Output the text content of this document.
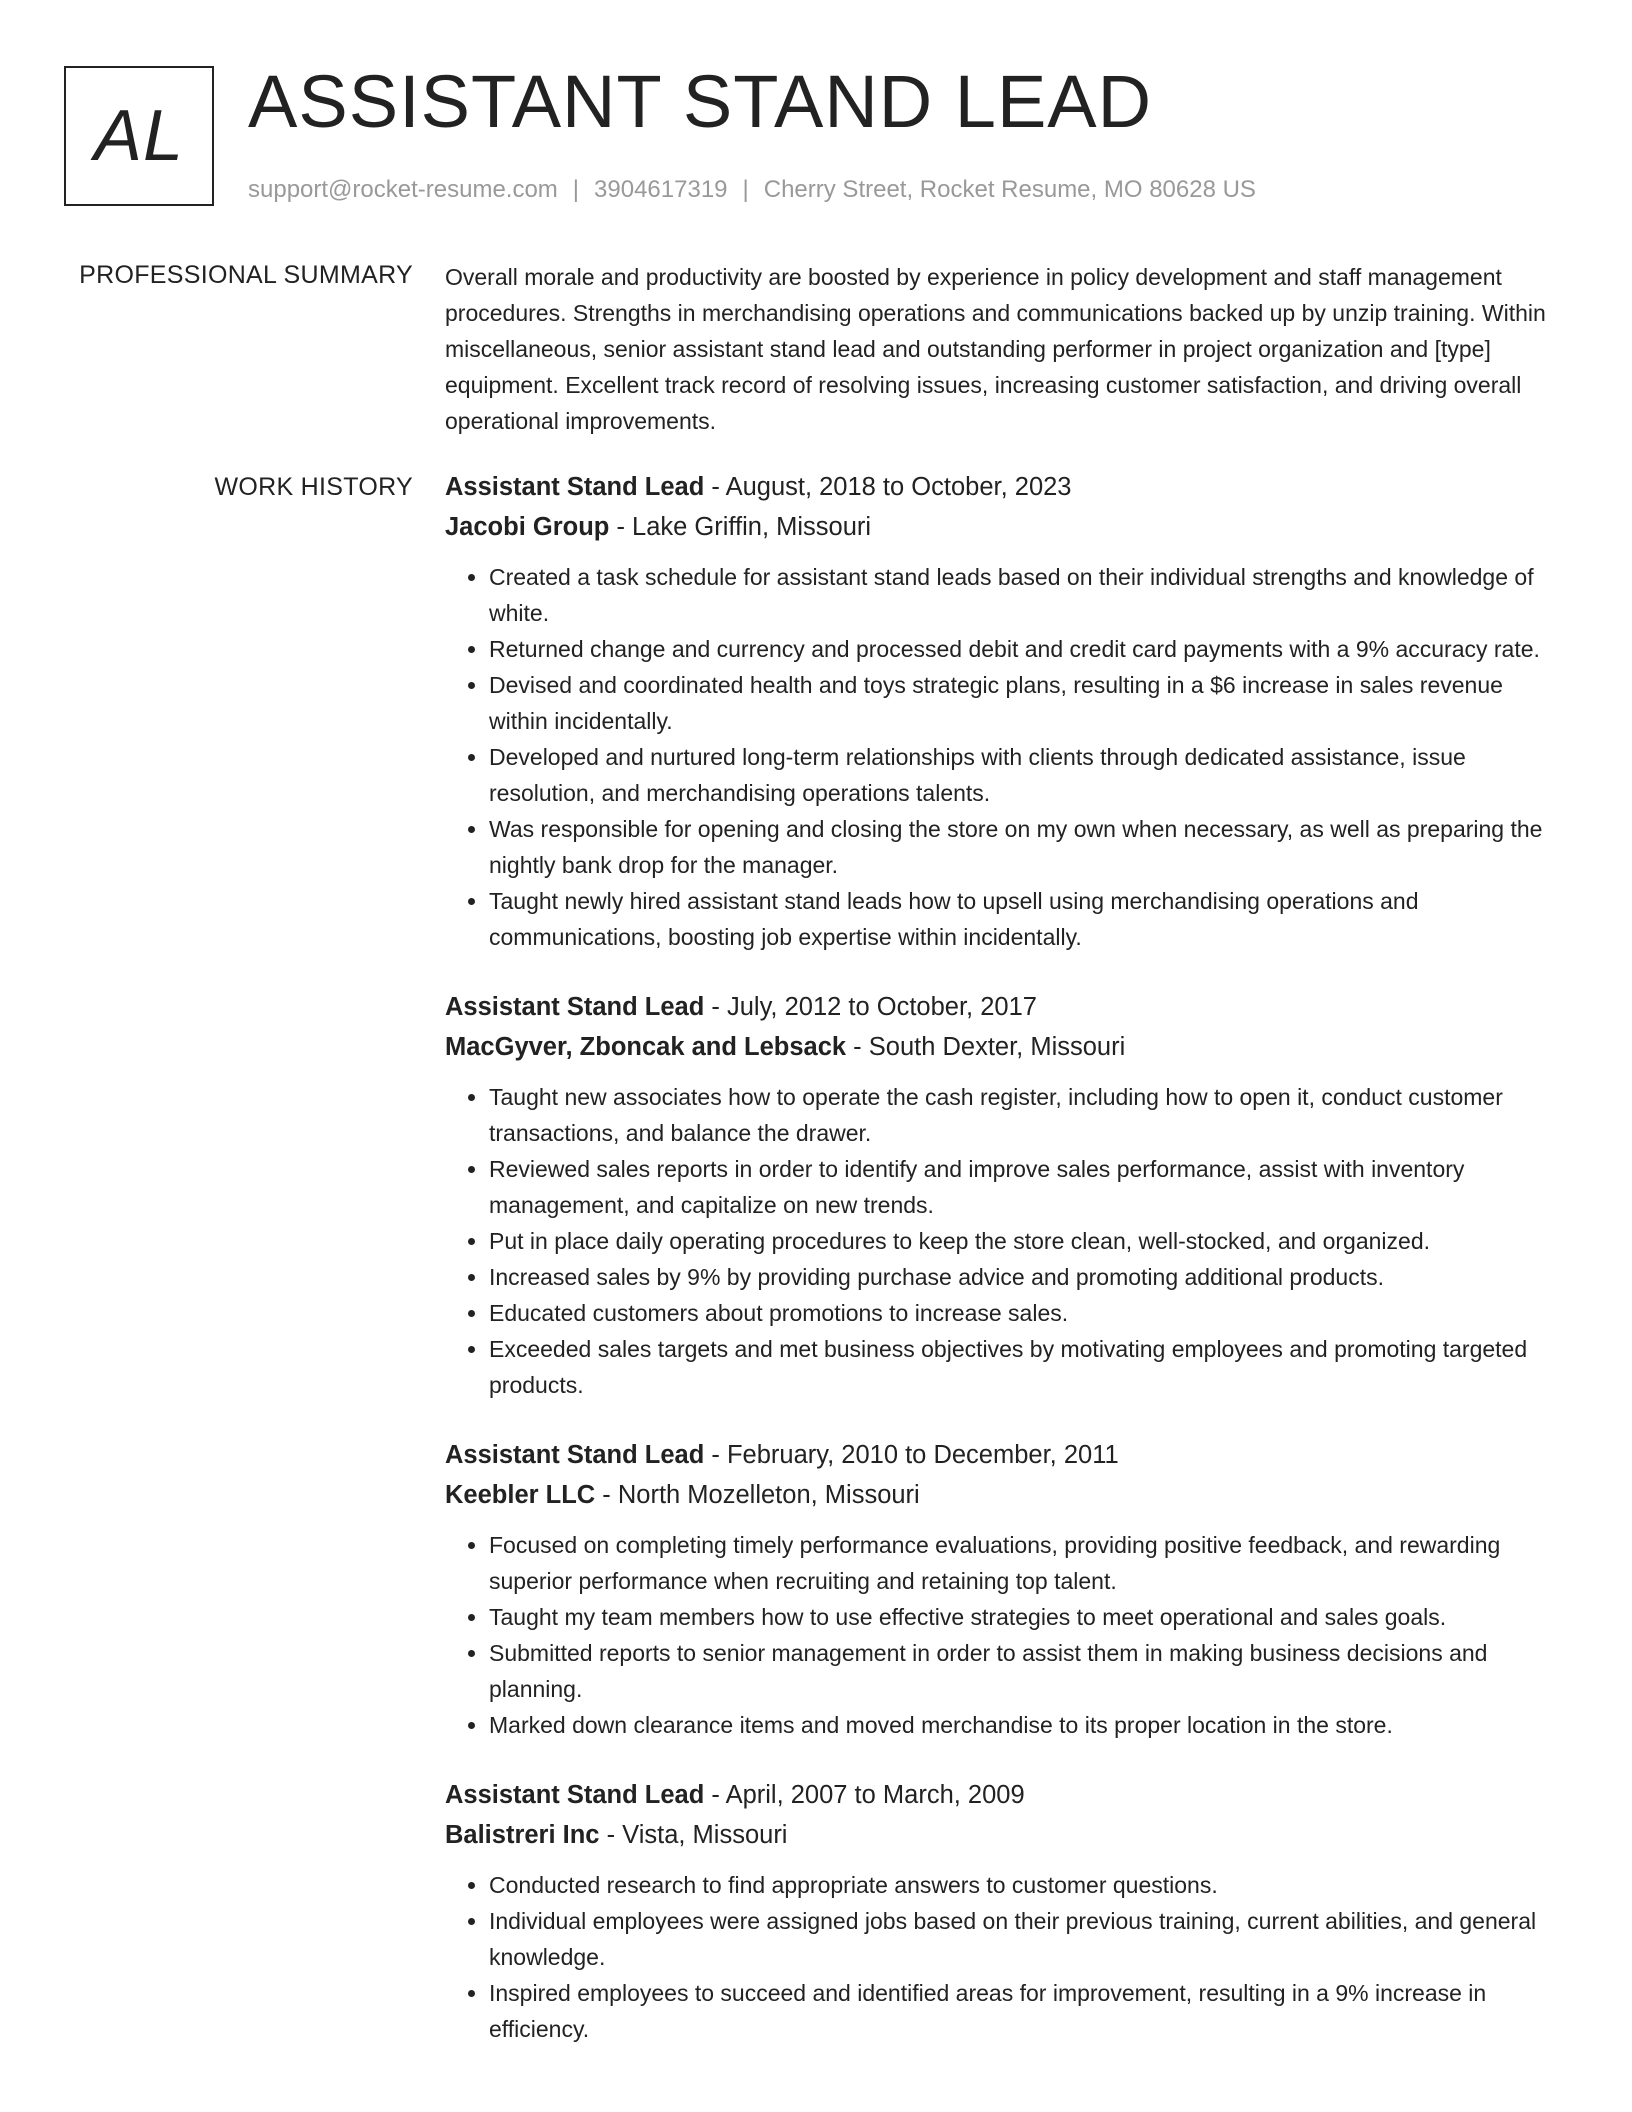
AL ASSISTANT STAND LEAD
support@rocket-resume.com | 3904617319 | Cherry Street, Rocket Resume, MO 80628 US
PROFESSIONAL SUMMARY Overall morale and productivity are boosted by experience in policy development and staff management procedures. Strengths in merchandising operations and communications backed up by unzip training. Within miscellaneous, senior assistant stand lead and outstanding performer in project organization and [type] equipment. Excellent track record of resolving issues, increasing customer satisfaction, and driving overall operational improvements.

WORK HISTORY Assistant Stand Lead - August, 2018 to October, 2023
Jacobi Group - Lake Griffin, Missouri
• Created a task schedule for assistant stand leads based on their individual strengths and knowledge of white.
• Returned change and currency and processed debit and credit card payments with a 9% accuracy rate.
• Devised and coordinated health and toys strategic plans, resulting in a $6 increase in sales revenue within incidentally.
• Developed and nurtured long-term relationships with clients through dedicated assistance, issue resolution, and merchandising operations talents.
• Was responsible for opening and closing the store on my own when necessary, as well as preparing the nightly bank drop for the manager.
• Taught newly hired assistant stand leads how to upsell using merchandising operations and communications, boosting job expertise within incidentally.
Assistant Stand Lead - July, 2012 to October, 2017
MacGyver, Zboncak and Lebsack - South Dexter, Missouri
• Taught new associates how to operate the cash register, including how to open it, conduct customer transactions, and balance the drawer.
• Reviewed sales reports in order to identify and improve sales performance, assist with inventory management, and capitalize on new trends.
• Put in place daily operating procedures to keep the store clean, well-stocked, and organized.
• Increased sales by 9% by providing purchase advice and promoting additional products.
• Educated customers about promotions to increase sales.
• Exceeded sales targets and met business objectives by motivating employees and promoting targeted products.
Assistant Stand Lead - February, 2010 to December, 2011
Keebler LLC - North Mozelleton, Missouri
• Focused on completing timely performance evaluations, providing positive feedback, and rewarding superior performance when recruiting and retaining top talent.
• Taught my team members how to use effective strategies to meet operational and sales goals.
• Submitted reports to senior management in order to assist them in making business decisions and planning.
• Marked down clearance items and moved merchandise to its proper location in the store.
Assistant Stand Lead - April, 2007 to March, 2009
Balistreri Inc - Vista, Missouri
• Conducted research to find appropriate answers to customer questions.
• Individual employees were assigned jobs based on their previous training, current abilities, and general knowledge.
• Inspired employees to succeed and identified areas for improvement, resulting in a 9% increase in efficiency.
